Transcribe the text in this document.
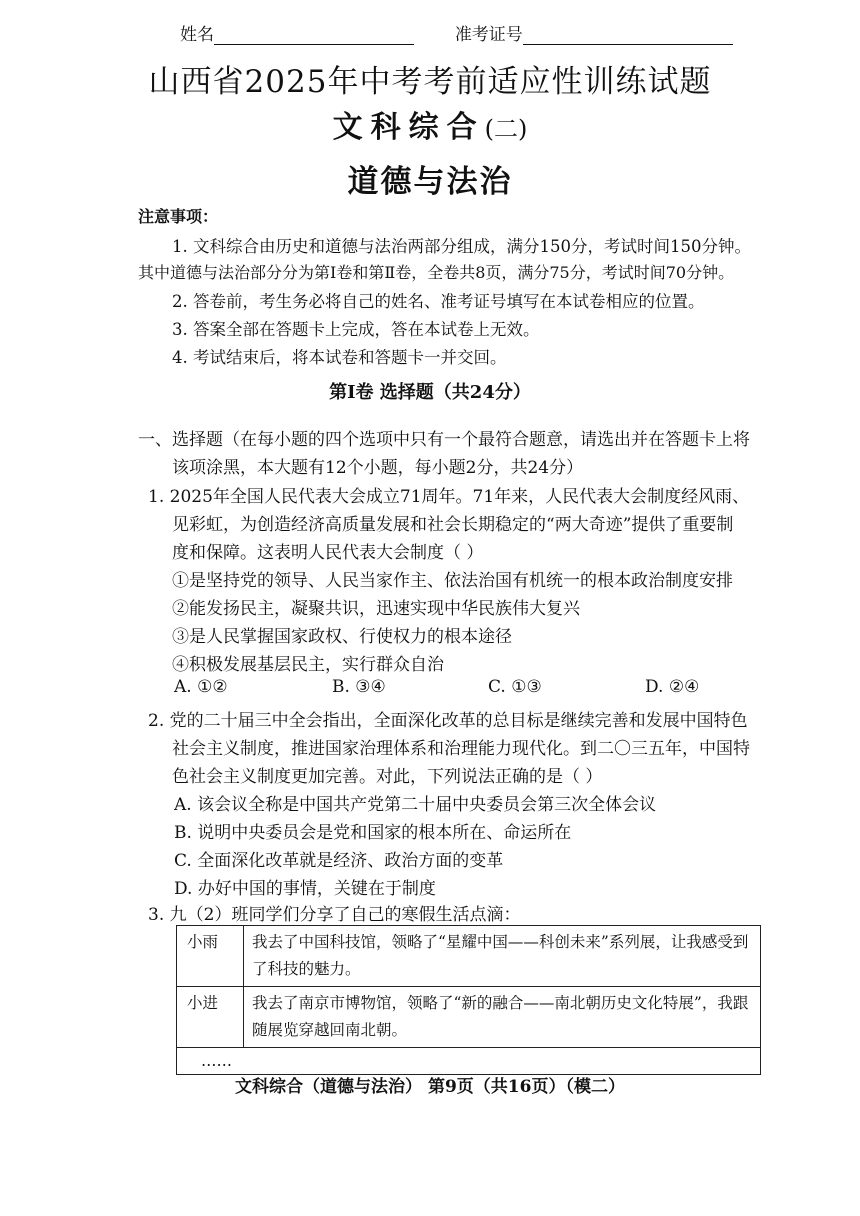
姓名	准考证号
山西省2025年中考考前适应性训练试题
文科综合(二)
道德与法治
注意事项：
1. 文科综合由历史和道德与法治两部分组成，满分150分，考试时间150分钟。
其中道德与法治部分分为第Ⅰ卷和第Ⅱ卷，全卷共8页，满分75分，考试时间70分钟。
2. 答卷前，考生务必将自己的姓名、准考证号填写在本试卷相应的位置。
3. 答案全部在答题卡上完成，答在本试卷上无效。
4. 考试结束后，将本试卷和答题卡一并交回。
第Ⅰ卷 选择题（共24分）
一、选择题（在每小题的四个选项中只有一个最符合题意，请选出并在答题卡上将
该项涂黑，本大题有12个小题，每小题2分，共24分）
1. 2025年全国人民代表大会成立71周年。71年来，人民代表大会制度经风雨、
见彩虹，为创造经济高质量发展和社会长期稳定的“两大奇迹”提供了重要制
度和保障。这表明人民代表大会制度（ ）
①是坚持党的领导、人民当家作主、依法治国有机统一的根本政治制度安排
②能发扬民主，凝聚共识，迅速实现中华民族伟大复兴
③是人民掌握国家政权、行使权力的根本途径
④积极发展基层民主，实行群众自治
A. ①②	B. ③④	C. ①③	D. ②④
2. 党的二十届三中全会指出，全面深化改革的总目标是继续完善和发展中国特色
社会主义制度，推进国家治理体系和治理能力现代化。到二〇三五年，中国特
色社会主义制度更加完善。对此，下列说法正确的是（ ）
A. 该会议全称是中国共产党第二十届中央委员会第三次全体会议
B. 说明中央委员会是党和国家的根本所在、命运所在
C. 全面深化改革就是经济、政治方面的变革
D. 办好中国的事情，关键在于制度
3. 九（2）班同学们分享了自己的寒假生活点滴：
小雨	我去了中国科技馆，领略了“星耀中国——科创未来”系列展，让我感受到了科技的魅力。
小进	我去了南京市博物馆，领略了“新的融合——南北朝历史文化特展”，我跟随展览穿越回南北朝。
……	
文科综合（道德与法治） 第9页（共16页）（模二）
